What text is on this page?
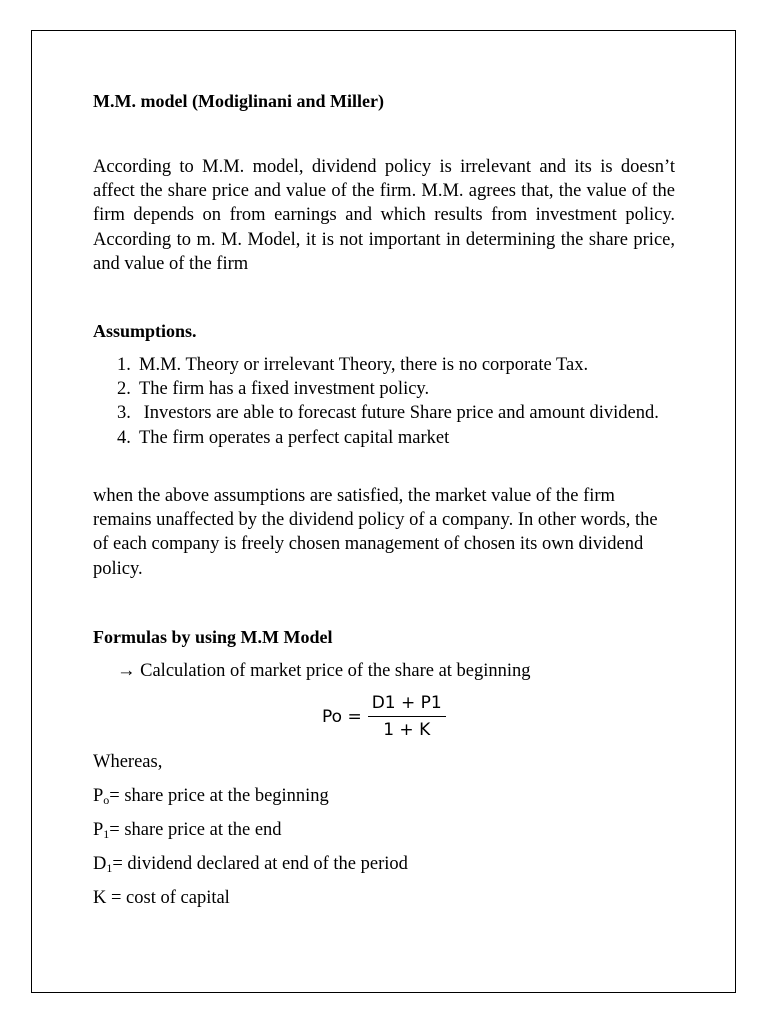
M.M. model (Modiglinani and Miller)

According to M.M. model, dividend policy is irrelevant and its is doesn’t affect the share price and value of the firm. M.M. agrees that, the value of the firm depends on from earnings and which results from investment policy. According to m. M. Model, it is not important in determining the share price, and value of the firm

Assumptions.

1. M.M. Theory or irrelevant Theory, there is no corporate Tax.
2. The firm has a fixed investment policy.
3. Investors are able to forecast future Share price and amount dividend.
4. The firm operates a perfect capital market

when the above assumptions are satisfied, the market value of the firm remains unaffected by the dividend policy of a company. In other words, the of each company is freely chosen management of chosen its own dividend policy.

Formulas by using M.M Model

→ Calculation of market price of the share at beginning

$Po = \frac{D1 + P1}{1 + K}$

Whereas,

$P_o=$ share price at the beginning

$P_1=$ share price at the end

$D_1=$ dividend declared at end of the period

K = cost of capital
